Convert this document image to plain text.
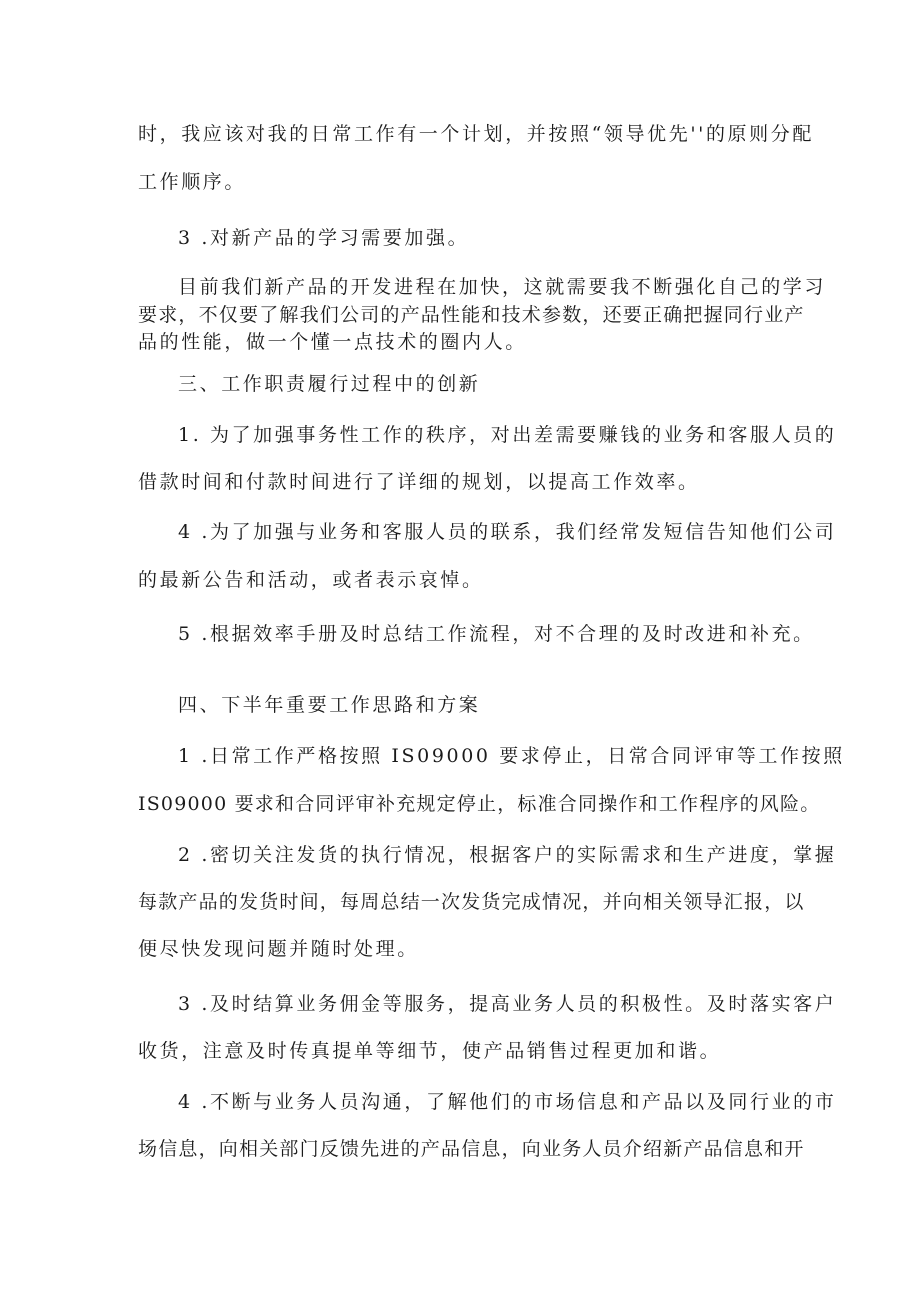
时，我应该对我的日常工作有一个计划，并按照“领导优先''的原则分配

工作顺序。

3 .对新产品的学习需要加强。

目前我们新产品的开发进程在加快，这就需要我不断强化自己的学习

要求，不仅要了解我们公司的产品性能和技术参数，还要正确把握同行业产

品的性能，做一个懂一点技术的圈内人。

三、工作职责履行过程中的创新

1. 为了加强事务性工作的秩序，对出差需要赚钱的业务和客服人员的

借款时间和付款时间进行了详细的规划，以提高工作效率。

4 .为了加强与业务和客服人员的联系，我们经常发短信告知他们公司

的最新公告和活动，或者表示哀悼。

5 .根据效率手册及时总结工作流程，对不合理的及时改进和补充。

四、下半年重要工作思路和方案

1 .日常工作严格按照 IS09000 要求停止，日常合同评审等工作按照

IS09000 要求和合同评审补充规定停止，标准合同操作和工作程序的风险。

2 .密切关注发货的执行情况，根据客户的实际需求和生产进度，掌握

每款产品的发货时间，每周总结一次发货完成情况，并向相关领导汇报，以

便尽快发现问题并随时处理。

3 .及时结算业务佣金等服务，提高业务人员的积极性。及时落实客户

收货，注意及时传真提单等细节，使产品销售过程更加和谐。

4 .不断与业务人员沟通，了解他们的市场信息和产品以及同行业的市

场信息，向相关部门反馈先进的产品信息，向业务人员介绍新产品信息和开
